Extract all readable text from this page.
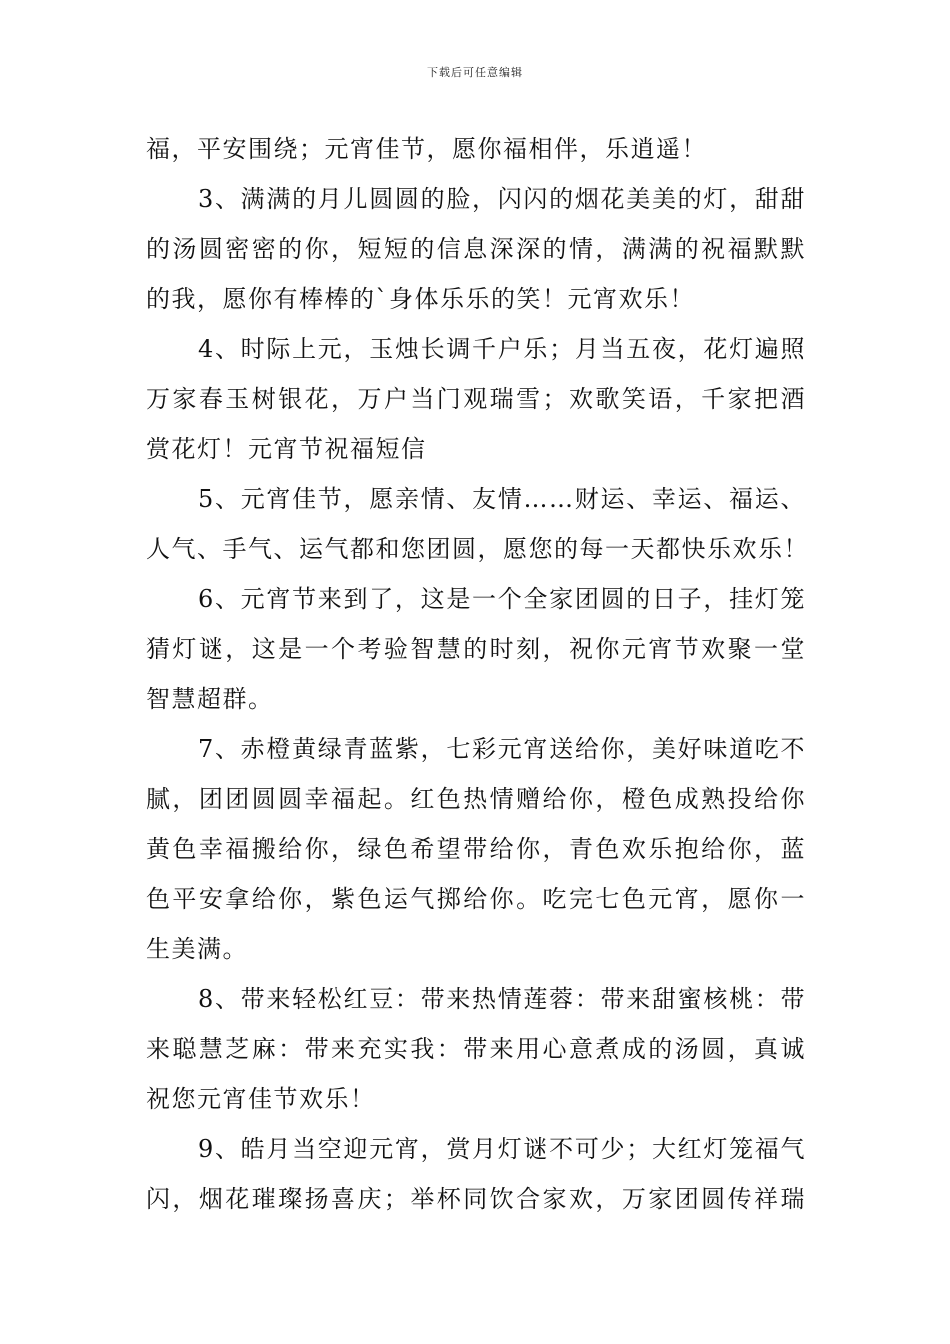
下载后可任意编辑
福，平安围绕；元宵佳节，愿你福相伴，乐逍遥！
3、满满的月儿圆圆的脸，闪闪的烟花美美的灯，甜甜
的汤圆密密的你，短短的信息深深的情，满满的祝福默默
的我，愿你有棒棒的`身体乐乐的笑！元宵欢乐！
4、时际上元，玉烛长调千户乐；月当五夜，花灯遍照
万家春玉树银花，万户当门观瑞雪；欢歌笑语，千家把酒
赏花灯！元宵节祝福短信
5、元宵佳节，愿亲情、友情……财运、幸运、福运、
人气、手气、运气都和您团圆，愿您的每一天都快乐欢乐！
6、元宵节来到了，这是一个全家团圆的日子，挂灯笼
猜灯谜，这是一个考验智慧的时刻，祝你元宵节欢聚一堂
智慧超群。
7、赤橙黄绿青蓝紫，七彩元宵送给你，美好味道吃不
腻，团团圆圆幸福起。红色热情赠给你，橙色成熟投给你
黄色幸福搬给你，绿色希望带给你，青色欢乐抱给你，蓝
色平安拿给你，紫色运气掷给你。吃完七色元宵，愿你一
生美满。
8、带来轻松红豆：带来热情莲蓉：带来甜蜜核桃：带
来聪慧芝麻：带来充实我：带来用心意煮成的汤圆，真诚
祝您元宵佳节欢乐！
9、皓月当空迎元宵，赏月灯谜不可少；大红灯笼福气
闪，烟花璀璨扬喜庆；举杯同饮合家欢，万家团圆传祥瑞
